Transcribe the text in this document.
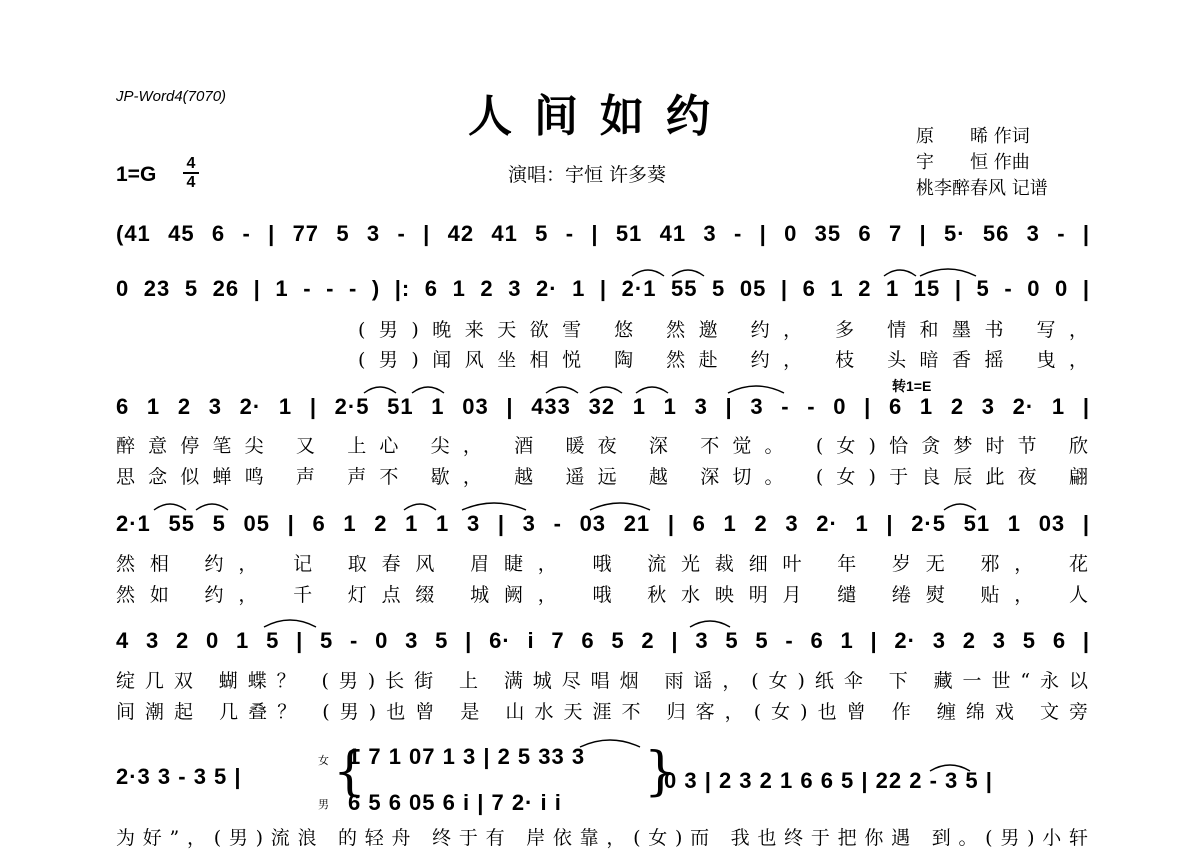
JP-Word4(7070)	人间如约
1=G 4
4	演唱：宇恒 许多葵
原　　晞 作词
宇　　恒 作曲
桃李醉春风 记谱
(41 45 6 - | 77 5 3 - | 42 41 5 - | 51 41 3 - | 0 35 6 7 | 5· 56 3 - |
0 23 5 26 | 1 - - - ) |: 6 1 2 3 2· 1 | 2·1 55 5 05 | 6 1 2 1 15 | 5 - 0 0 |
(男)晚来天欲雪 悠 然邀 约， 多 情和墨书 写，
(男)闻风坐相悦 陶 然赴 约， 枝 头暗香摇 曳，
转1=E
6 1 2 3 2· 1 | 2·5 51 1 03 | 433 32 1 1 3 | 3 - - 0 | 6 1 2 3 2· 1 |
醉意停笔尖 又 上心 尖， 酒 暖夜 深 不觉。 (女)恰贪梦时节 欣
思念似蝉鸣 声 声不 歇， 越 遥远 越 深切。 (女)于良辰此夜 翩
2·1 55 5 05 | 6 1 2 1 1 3 | 3 - 03 21 | 6 1 2 3 2· 1 | 2·5 51 1 03 |
然相 约， 记 取春风 眉睫， 哦 流光裁细叶 年 岁无 邪， 花
然如 约， 千 灯点缀 城阙， 哦 秋水映明月 缱 绻熨 贴， 人
4 3 2 0 1 5 | 5 - 0 3 5 | 6· i 7 6 5 2 | 3 5 5 - 6 1 | 2· 3 2 3 5 6 |
绽几双 蝴蝶？ (男)长街 上 满城尽唱烟 雨谣，(女)纸伞 下 藏一世“永以
间潮起 几叠？ (男)也曾 是 山水天涯不 归客，(女)也曾 作 缠绵戏 文旁
2·3 3 - 3 5 |
女
男
{
1 7 1 07 1 3 | 2 5 33 3
6 5 6 05 6 i | 7 2· i i
}
0 3 | 2 3 2 1 6 6 5 | 22 2 - 3 5 |
为好”，(男)流浪 的轻舟 终于有 岸依靠，(女)而 我也终于把你遇 到。(男)小轩
